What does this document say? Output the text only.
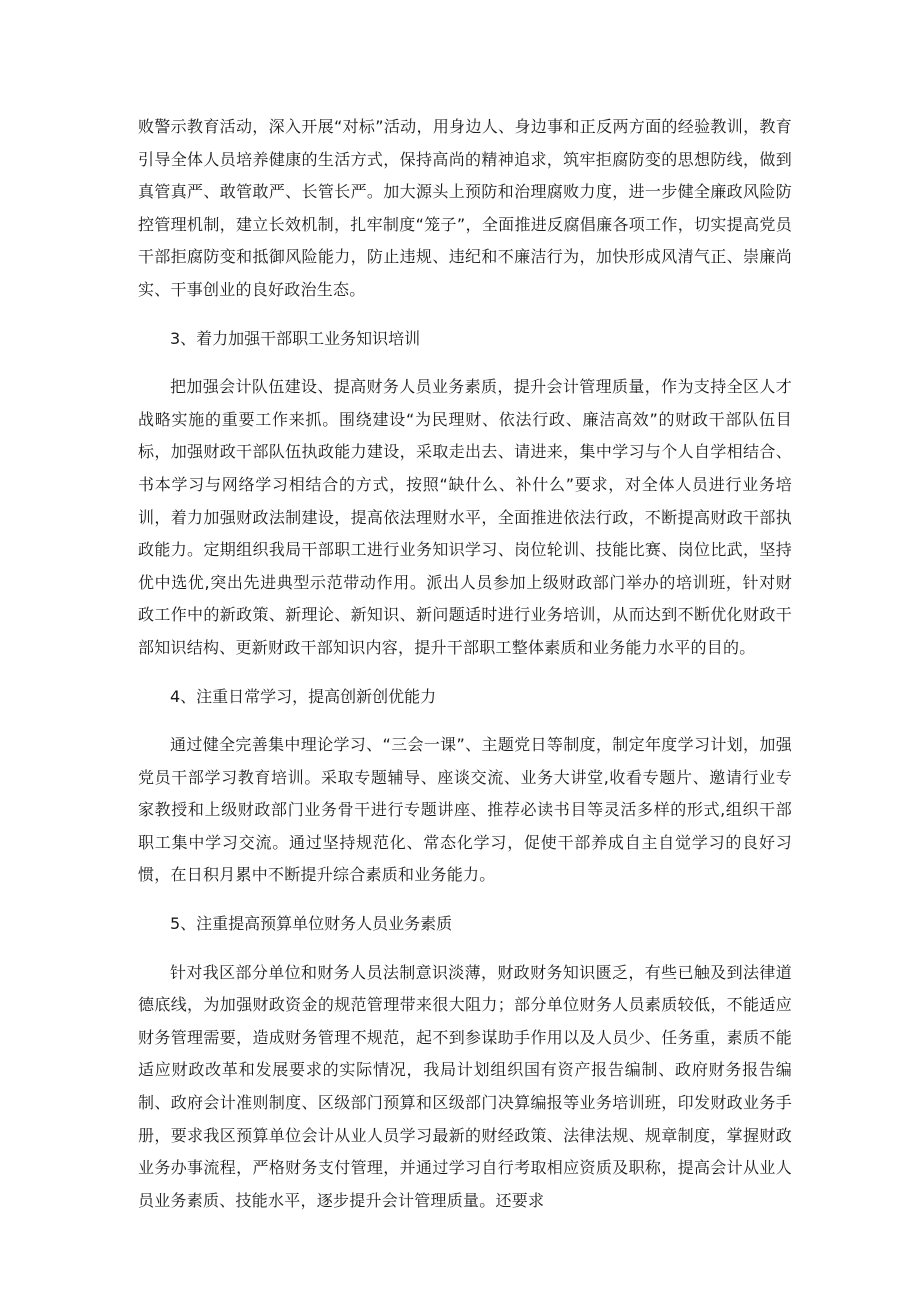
败警示教育活动，深入开展“对标”活动，用身边人、身边事和正反两方面的经验教训，教育引导全体人员培养健康的生活方式，保持高尚的精神追求，筑牢拒腐防变的思想防线，做到真管真严、敢管敢严、长管长严。加大源头上预防和治理腐败力度，进一步健全廉政风险防控管理机制，建立长效机制，扎牢制度“笼子”，全面推进反腐倡廉各项工作，切实提高党员干部拒腐防变和抵御风险能力，防止违规、违纪和不廉洁行为，加快形成风清气正、崇廉尚实、干事创业的良好政治生态。

3、着力加强干部职工业务知识培训

把加强会计队伍建设、提高财务人员业务素质，提升会计管理质量，作为支持全区人才战略实施的重要工作来抓。围绕建设“为民理财、依法行政、廉洁高效”的财政干部队伍目标，加强财政干部队伍执政能力建设，采取走出去、请进来，集中学习与个人自学相结合、书本学习与网络学习相结合的方式，按照“缺什么、补什么”要求，对全体人员进行业务培训，着力加强财政法制建设，提高依法理财水平，全面推进依法行政，不断提高财政干部执政能力。定期组织我局干部职工进行业务知识学习、岗位轮训、技能比赛、岗位比武，坚持优中选优,突出先进典型示范带动作用。派出人员参加上级财政部门举办的培训班，针对财政工作中的新政策、新理论、新知识、新问题适时进行业务培训，从而达到不断优化财政干部知识结构、更新财政干部知识内容，提升干部职工整体素质和业务能力水平的目的。

4、注重日常学习，提高创新创优能力

通过健全完善集中理论学习、“三会一课”、主题党日等制度，制定年度学习计划，加强党员干部学习教育培训。采取专题辅导、座谈交流、业务大讲堂,收看专题片、邀请行业专家教授和上级财政部门业务骨干进行专题讲座、推荐必读书目等灵活多样的形式,组织干部职工集中学习交流。通过坚持规范化、常态化学习，促使干部养成自主自觉学习的良好习惯，在日积月累中不断提升综合素质和业务能力。

5、注重提高预算单位财务人员业务素质

针对我区部分单位和财务人员法制意识淡薄，财政财务知识匮乏，有些已触及到法律道德底线，为加强财政资金的规范管理带来很大阻力；部分单位财务人员素质较低，不能适应财务管理需要，造成财务管理不规范，起不到参谋助手作用以及人员少、任务重，素质不能适应财政改革和发展要求的实际情况，我局计划组织国有资产报告编制、政府财务报告编制、政府会计准则制度、区级部门预算和区级部门决算编报等业务培训班，印发财政业务手册，要求我区预算单位会计从业人员学习最新的财经政策、法律法规、规章制度，掌握财政业务办事流程，严格财务支付管理，并通过学习自行考取相应资质及职称，提高会计从业人员业务素质、技能水平，逐步提升会计管理质量。还要求
